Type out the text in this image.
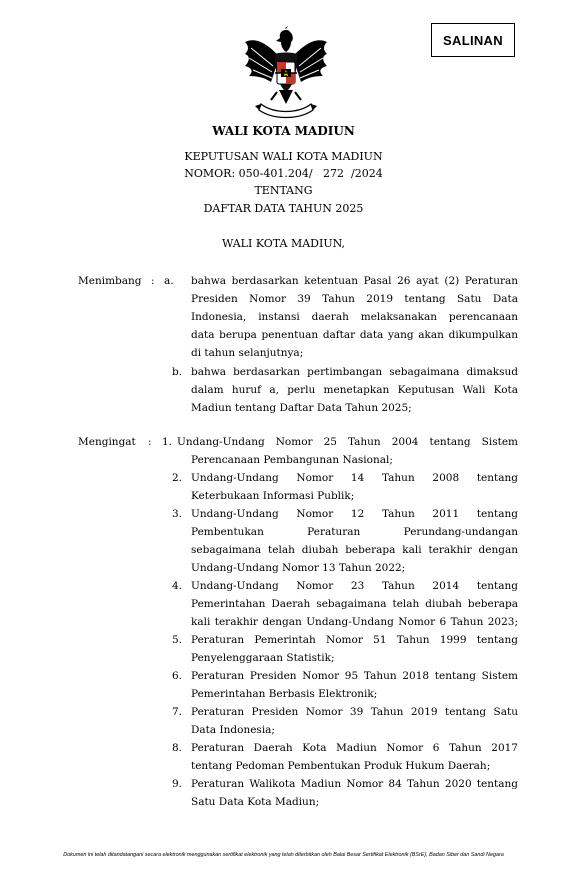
SALINAN
WALI KOTA MADIUN
KEPUTUSAN WALI KOTA MADIUN
NOMOR: 050-401.204/   272  /2024
TENTANG
DAFTAR DATA TAHUN 2025
WALI KOTA MADIUN,
Menimbang : a. bahwa berdasarkan ketentuan Pasal 26 ayat (2) Peraturan
Presiden Nomor 39 Tahun 2019 tentang Satu Data
Indonesia, instansi daerah melaksanakan perencanaan
data berupa penentuan daftar data yang akan dikumpulkan
di tahun selanjutnya;
b. bahwa berdasarkan pertimbangan sebagaimana dimaksud
dalam huruf a, perlu menetapkan Keputusan Wali Kota
Madiun tentang Daftar Data Tahun 2025;
Mengingat : 1. Undang-Undang Nomor 25 Tahun 2004 tentang Sistem
Perencanaan Pembangunan Nasional;
2. Undang-Undang Nomor 14 Tahun 2008 tentang
Keterbukaan Informasi Publik;
3. Undang-Undang Nomor 12 Tahun 2011 tentang
Pembentukan Peraturan Perundang-undangan
sebagaimana telah diubah beberapa kali terakhir dengan
Undang-Undang Nomor 13 Tahun 2022;
4. Undang-Undang Nomor 23 Tahun 2014 tentang
Pemerintahan Daerah sebagaimana telah diubah beberapa
kali terakhir dengan Undang-Undang Nomor 6 Tahun 2023;
5. Peraturan Pemerintah Nomor 51 Tahun 1999 tentang
Penyelenggaraan Statistik;
6. Peraturan Presiden Nomor 95 Tahun 2018 tentang Sistem
Pemerintahan Berbasis Elektronik;
7. Peraturan Presiden Nomor 39 Tahun 2019 tentang Satu
Data Indonesia;
8. Peraturan Daerah Kota Madiun Nomor 6 Tahun 2017
tentang Pedoman Pembentukan Produk Hukum Daerah;
9. Peraturan Walikota Madiun Nomor 84 Tahun 2020 tentang
Satu Data Kota Madiun;
Dokumen ini telah ditandatangani secara elektronik menggunakan sertifikat elektronik yang telah diterbitkan oleh Balai Besar Sertifikat Elektronik (BSrE), Badan Siber dan Sandi Negara
